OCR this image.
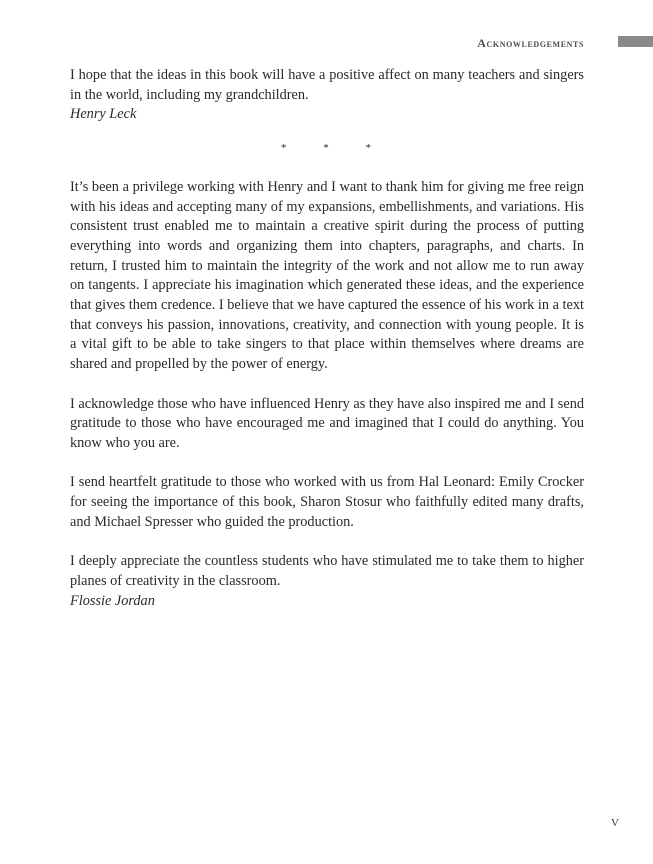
Acknowledgements

I hope that the ideas in this book will have a positive affect on many teachers and singers in the world, including my grandchildren.

Henry Leck

* * *

It’s been a privilege working with Henry and I want to thank him for giving me free reign with his ideas and accepting many of my expansions, embellishments, and variations. His consistent trust enabled me to maintain a creative spirit during the process of putting everything into words and organizing them into chapters, paragraphs, and charts. In return, I trusted him to maintain the integrity of the work and not allow me to run away on tangents. I appreciate his imagination which generated these ideas, and the experience that gives them credence. I believe that we have captured the essence of his work in a text that conveys his passion, innovations, creativity, and connection with young people. It is a vital gift to be able to take singers to that place within themselves where dreams are shared and propelled by the power of energy.

I acknowledge those who have influenced Henry as they have also inspired me and I send gratitude to those who have encouraged me and imagined that I could do anything. You know who you are.

I send heartfelt gratitude to those who worked with us from Hal Leonard: Emily Crocker for seeing the importance of this book, Sharon Stosur who faithfully edited many drafts, and Michael Spresser who guided the production.

I deeply appreciate the countless students who have stimulated me to take them to higher planes of creativity in the classroom.

Flossie Jordan

v
